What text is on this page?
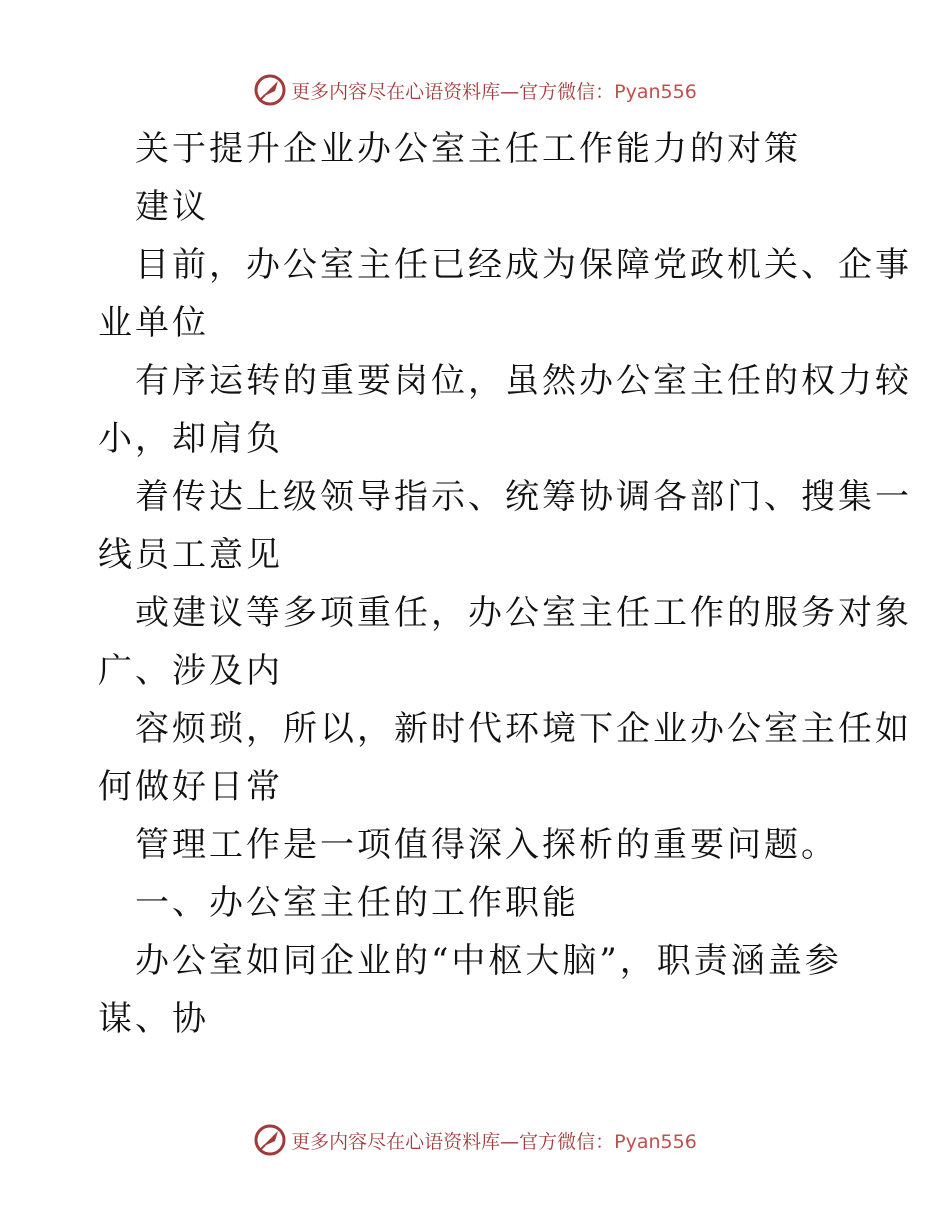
更多内容尽在心语资料库—官方微信：Pyan556
关于提升企业办公室主任工作能力的对策
建议
目前，办公室主任已经成为保障党政机关、企事
业单位
有序运转的重要岗位，虽然办公室主任的权力较
小，却肩负
着传达上级领导指示、统筹协调各部门、搜集一
线员工意见
或建议等多项重任，办公室主任工作的服务对象
广、涉及内
容烦琐，所以，新时代环境下企业办公室主任如
何做好日常
管理工作是一项值得深入探析的重要问题。
一、办公室主任的工作职能
办公室如同企业的“中枢大脑”，职责涵盖参
谋、协
更多内容尽在心语资料库—官方微信：Pyan556
